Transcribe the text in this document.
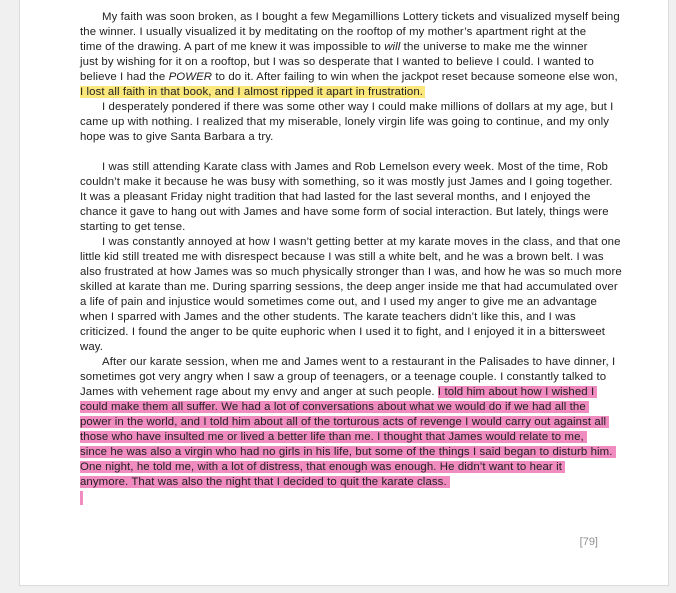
My faith was soon broken, as I bought a few Megamillions Lottery tickets and visualized myself being
the winner. I usually visualized it by meditating on the rooftop of my mother’s apartment right at the
time of the drawing. A part of me knew it was impossible to will the universe to make me the winner
just by wishing for it on a rooftop, but I was so desperate that I wanted to believe I could. I wanted to
believe I had the POWER to do it. After failing to win when the jackpot reset because someone else won,
I lost all faith in that book, and I almost ripped it apart in frustration.
I desperately pondered if there was some other way I could make millions of dollars at my age, but I
came up with nothing. I realized that my miserable, lonely virgin life was going to continue, and my only
hope was to give Santa Barbara a try.
I was still attending Karate class with James and Rob Lemelson every week. Most of the time, Rob
couldn’t make it because he was busy with something, so it was mostly just James and I going together.
It was a pleasant Friday night tradition that had lasted for the last several months, and I enjoyed the
chance it gave to hang out with James and have some form of social interaction. But lately, things were
starting to get tense.
I was constantly annoyed at how I wasn’t getting better at my karate moves in the class, and that one
little kid still treated me with disrespect because I was still a white belt, and he was a brown belt. I was
also frustrated at how James was so much physically stronger than I was, and how he was so much more
skilled at karate than me. During sparring sessions, the deep anger inside me that had accumulated over
a life of pain and injustice would sometimes come out, and I used my anger to give me an advantage
when I sparred with James and the other students. The karate teachers didn’t like this, and I was
criticized. I found the anger to be quite euphoric when I used it to fight, and I enjoyed it in a bittersweet
way.
After our karate session, when me and James went to a restaurant in the Palisades to have dinner, I
sometimes got very angry when I saw a group of teenagers, or a teenage couple. I constantly talked to
James with vehement rage about my envy and anger at such people. I told him about how I wished I
could make them all suffer. We had a lot of conversations about what we would do if we had all the
power in the world, and I told him about all of the torturous acts of revenge I would carry out against all
those who have insulted me or lived a better life than me. I thought that James would relate to me,
since he was also a virgin who had no girls in his life, but some of the things I said began to disturb him.
One night, he told me, with a lot of distress, that enough was enough. He didn’t want to hear it
anymore. That was also the night that I decided to quit the karate class.
[79]
